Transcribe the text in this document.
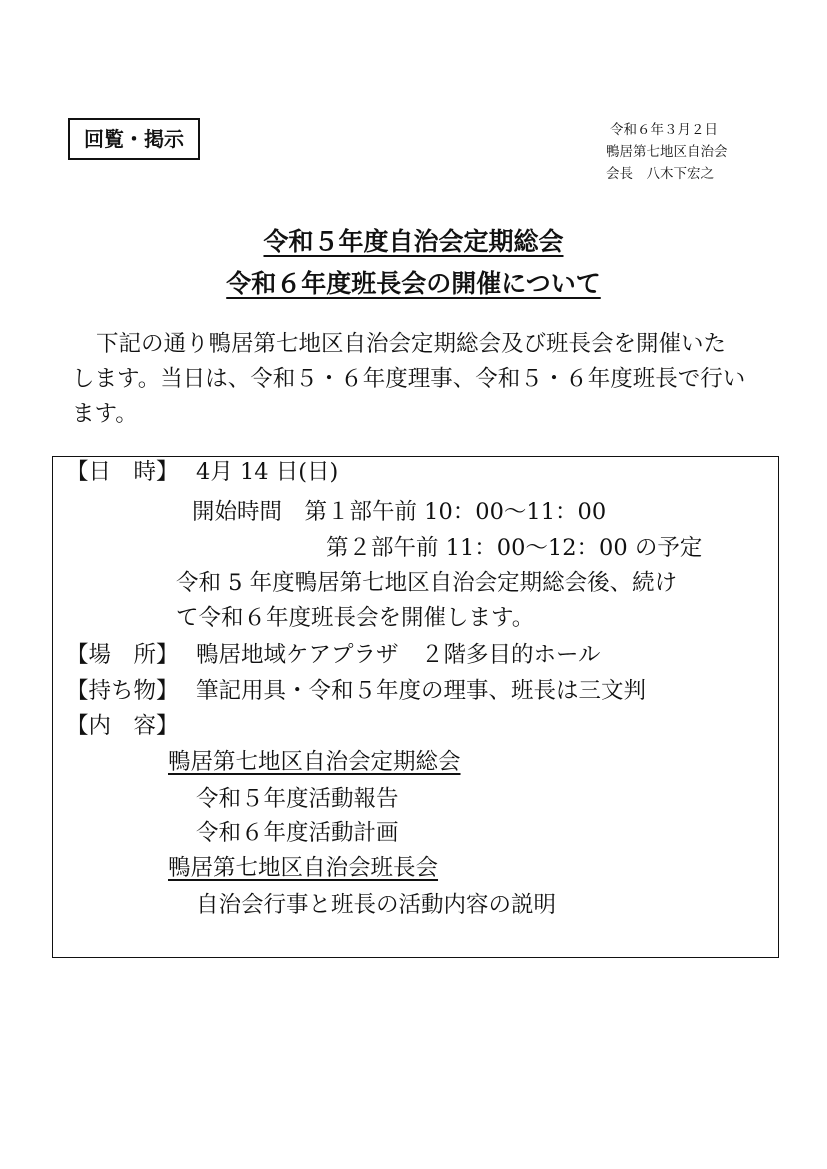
回覧・掲示	令和６年３月２日
鴨居第七地区自治会
会長　八木下宏之
令和５年度自治会定期総会
令和６年度班長会の開催について
下記の通り鴨居第七地区自治会定期総会及び班長会を開催いた
します。当日は、令和５・６年度理事、令和５・６年度班長で行い
ます。
【日　時】 4月 14 日(日)
開始時間　第１部午前 10：00〜11：00
第２部午前 11：00〜12：00 の予定
令和 5 年度鴨居第七地区自治会定期総会後、続け
て令和６年度班長会を開催します。
【場　所】 鴨居地域ケアプラザ　２階多目的ホール
【持ち物】 筆記用具・令和５年度の理事、班長は三文判
【内　容】
鴨居第七地区自治会定期総会
令和５年度活動報告
令和６年度活動計画
鴨居第七地区自治会班長会
自治会行事と班長の活動内容の説明
